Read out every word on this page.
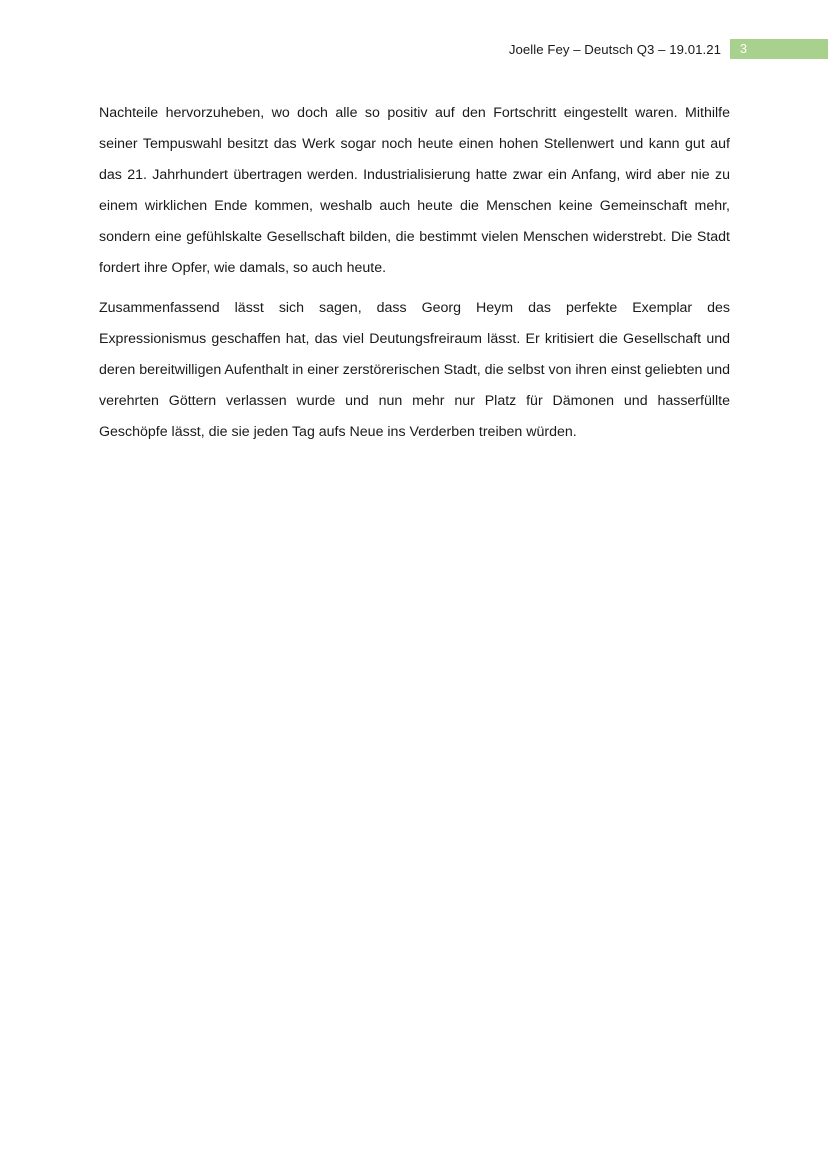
Joelle Fey – Deutsch Q3 – 19.01.21	3

Nachteile hervorzuheben, wo doch alle so positiv auf den Fortschritt eingestellt waren. Mithilfe seiner Tempuswahl besitzt das Werk sogar noch heute einen hohen Stellenwert und kann gut auf das 21. Jahrhundert übertragen werden. Industrialisierung hatte zwar ein Anfang, wird aber nie zu einem wirklichen Ende kommen, weshalb auch heute die Menschen keine Gemeinschaft mehr, sondern eine gefühlskalte Gesellschaft bilden, die bestimmt vielen Menschen widerstrebt. Die Stadt fordert ihre Opfer, wie damals, so auch heute.

Zusammenfassend lässt sich sagen, dass Georg Heym das perfekte Exemplar des Expressionismus geschaffen hat, das viel Deutungsfreiraum lässt. Er kritisiert die Gesellschaft und deren bereitwilligen Aufenthalt in einer zerstörerischen Stadt, die selbst von ihren einst geliebten und verehrten Göttern verlassen wurde und nun mehr nur Platz für Dämonen und hasserfüllte Geschöpfe lässt, die sie jeden Tag aufs Neue ins Verderben treiben würden.
